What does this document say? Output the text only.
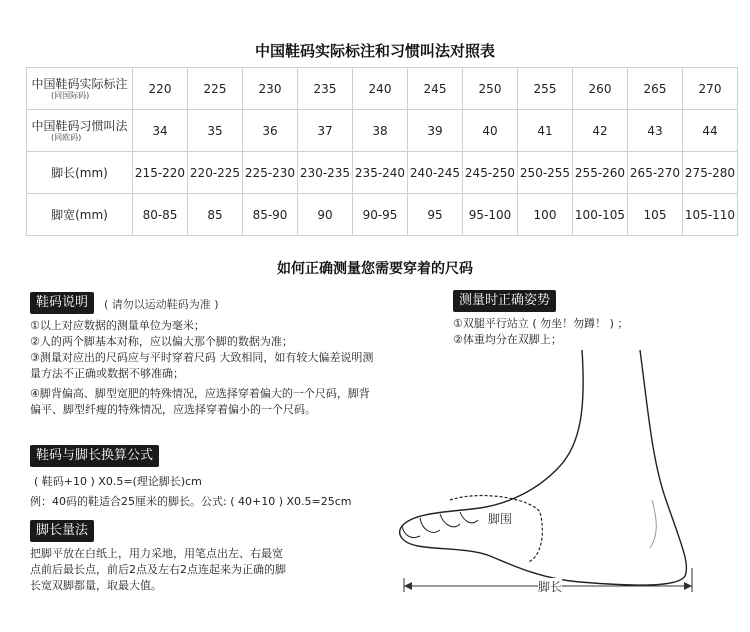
中国鞋码实际标注和习惯叫法对照表
中国鞋码实际标注
(同国际码)	220	225	230	235	240	245	250	255	260	265	270

中国鞋码习惯叫法
(同欧码)	34	35	36	37	38	39	40	41	42	43	44

脚长(mm)	215-220	220-225	225-230	230-235	235-240	240-245	245-250	250-255	255-260	265-270	275-280

脚宽(mm)	80-85	85	85-90	90	90-95	95	95-100	100	100-105	105	105-110
如何正确测量您需要穿着的尺码
鞋码说明	( 请勿以运动鞋码为准 )
①以上对应数据的测量单位为毫米；
②人的两个脚基本对称，应以偏大那个脚的数据为准；
③测量对应出的尺码应与平时穿着尺码 大致相同，如有较大偏差说明测量方法不正确或数据不够准确；
④脚背偏高、脚型宽肥的特殊情况，应选择穿着偏大的一个尺码，脚背偏平、脚型纤瘦的特殊情况，应选择穿着偏小的一个尺码。
鞋码与脚长换算公式
( 鞋码+10 ) X0.5=(理论脚长)cm
例：40码的鞋适合25厘米的脚长。公式: ( 40+10 ) X0.5=25cm
脚长量法
把脚平放在白纸上，用力采地，用笔点出左、右最宽点前后最长点，前后2点及左右2点连起来为正确的脚长宽双脚都量，取最大值。
测量时正确姿势
①双腿平行站立 ( 勿坐！勿蹲！ ) ；
②体重均分在双脚上；
脚围
脚长
